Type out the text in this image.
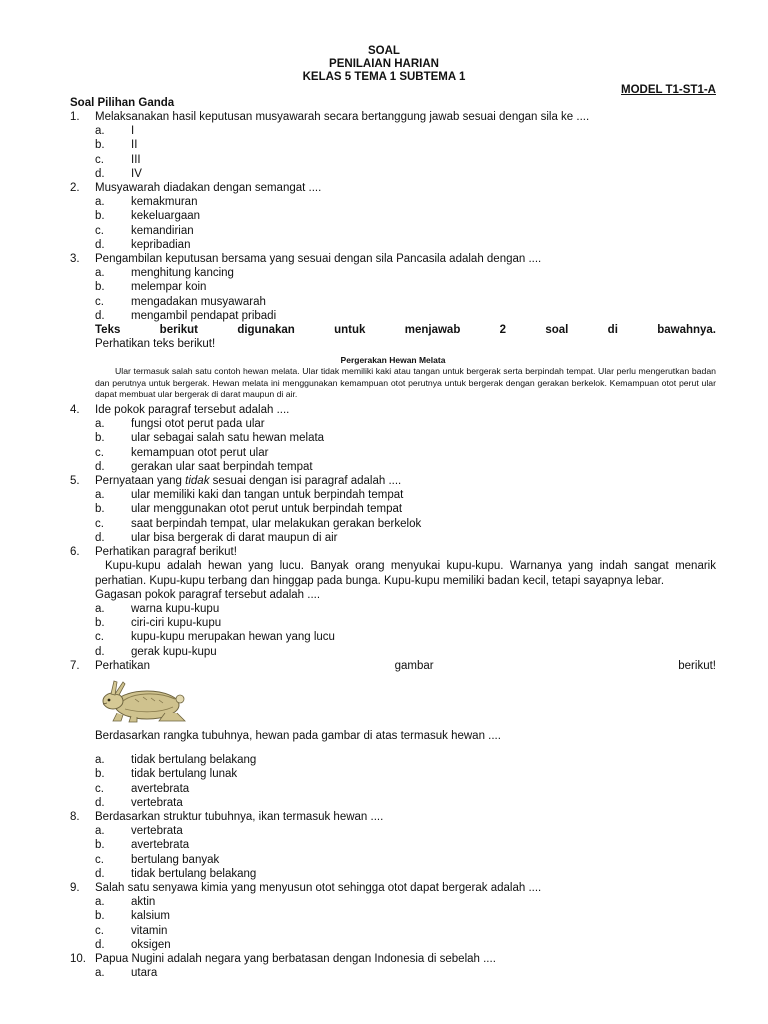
SOAL
PENILAIAN HARIAN
KELAS 5 TEMA 1 SUBTEMA 1
MODEL T1-ST1-A
Soal Pilihan Ganda
1.	Melaksanakan hasil keputusan musyawarah secara bertanggung jawab sesuai dengan sila ke ....
a.	I
b.	II
c.	III
d.	IV
2.	Musyawarah diadakan dengan semangat ....
a.	kemakmuran
b.	kekeluargaan
c.	kemandirian
d.	kepribadian
3.	Pengambilan keputusan bersama yang sesuai dengan sila Pancasila adalah dengan ....
a.	menghitung kancing
b.	melempar koin
c.	mengadakan musyawarah
d.	mengambil pendapat pribadi
Teks berikut digunakan untuk menjawab 2 soal di bawahnya.
Perhatikan teks berikut!
Pergerakan Hewan Melata
Ular termasuk salah satu contoh hewan melata. Ular tidak memiliki kaki atau tangan untuk bergerak serta berpindah tempat. Ular perlu mengerutkan badan dan perutnya untuk bergerak. Hewan melata ini menggunakan kemampuan otot perutnya untuk bergerak dengan gerakan berkelok. Kemampuan otot perut ular dapat membuat ular bergerak di darat maupun di air.
4.	Ide pokok paragraf tersebut adalah ....
a.	fungsi otot perut pada ular
b.	ular sebagai salah satu hewan melata
c.	kemampuan otot perut ular
d.	gerakan ular saat berpindah tempat
5.	Pernyataan yang tidak sesuai dengan isi paragraf adalah ....
a.	ular memiliki kaki dan tangan untuk berpindah tempat
b.	ular menggunakan otot perut untuk berpindah tempat
c.	saat berpindah tempat, ular melakukan gerakan berkelok
d.	ular bisa bergerak di darat maupun di air
6.	Perhatikan paragraf berikut!
Kupu-kupu adalah hewan yang lucu. Banyak orang menyukai kupu-kupu. Warnanya yang indah sangat menarik perhatian. Kupu-kupu terbang dan hinggap pada bunga. Kupu-kupu memiliki badan kecil, tetapi sayapnya lebar.
Gagasan pokok paragraf tersebut adalah ....
a.	warna kupu-kupu
b.	ciri-ciri kupu-kupu
c.	kupu-kupu merupakan hewan yang lucu
d.	gerak kupu-kupu
7.	Perhatikan	gambar	berikut!
Berdasarkan rangka tubuhnya, hewan pada gambar di atas termasuk hewan ....
a.	tidak bertulang belakang
b.	tidak bertulang lunak
c.	avertebrata
d.	vertebrata
8.	Berdasarkan struktur tubuhnya, ikan termasuk hewan ....
a.	vertebrata
b.	avertebrata
c.	bertulang banyak
d.	tidak bertulang belakang
9.	Salah satu senyawa kimia yang menyusun otot sehingga otot dapat bergerak adalah ....
a.	aktin
b.	kalsium
c.	vitamin
d.	oksigen
10. Papua Nugini adalah negara yang berbatasan dengan Indonesia di sebelah ....
a.	utara
